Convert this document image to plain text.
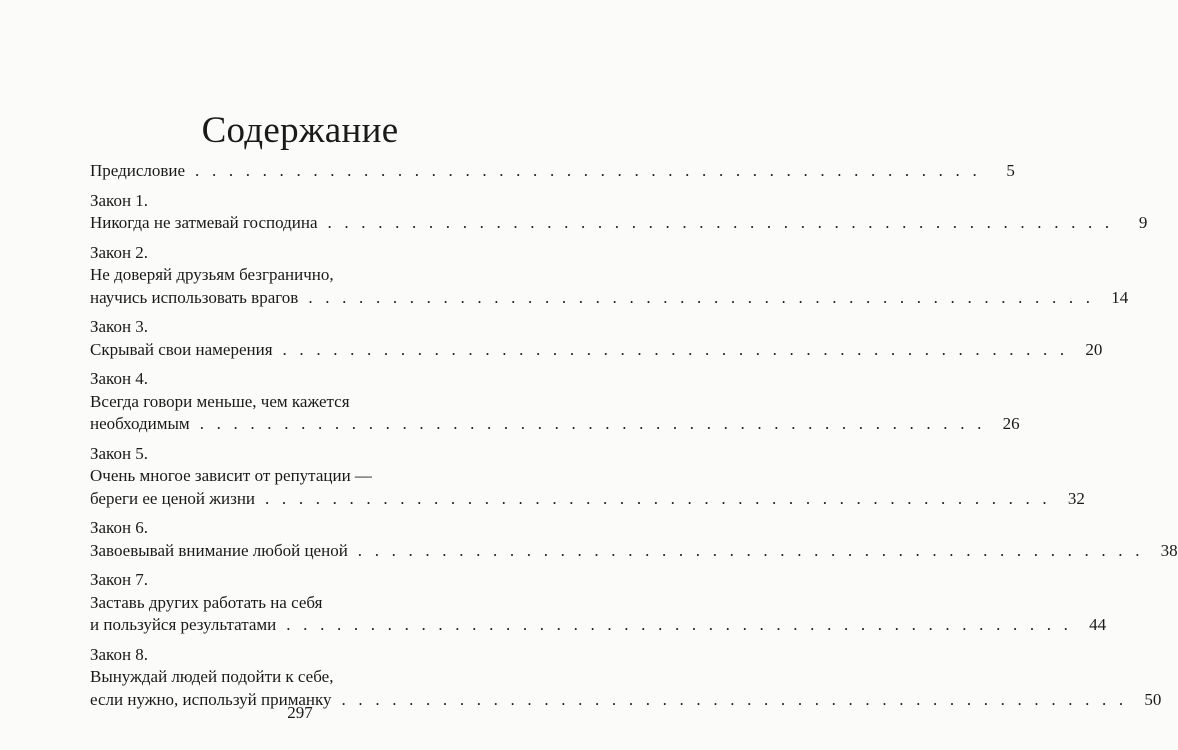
Содержание
Предисловие . . . . . . . . . . . . . . . . . . . . . . . . . . . . . . . . . . . . . . . . . . . . . . .	5
Закон 1.
Никогда не затмевай господина . . . . . . . . . . . . . . . . . . . . . . . . . . . . . . . . . . . . . . . . . . . . . . .	9
Закон 2.
Не доверяй друзьям безгранично,
научись использовать врагов . . . . . . . . . . . . . . . . . . . . . . . . . . . . . . . . . . . . . . . . . . . . . . .	14
Закон 3.
Скрывай свои намерения . . . . . . . . . . . . . . . . . . . . . . . . . . . . . . . . . . . . . . . . . . . . . . .	20
Закон 4.
Всегда говори меньше, чем кажется
необходимым . . . . . . . . . . . . . . . . . . . . . . . . . . . . . . . . . . . . . . . . . . . . . . .	26
Закон 5.
Очень многое зависит от репутации —
береги ее ценой жизни . . . . . . . . . . . . . . . . . . . . . . . . . . . . . . . . . . . . . . . . . . . . . . .	32
Закон 6.
Завоевывай внимание любой ценой . . . . . . . . . . . . . . . . . . . . . . . . . . . . . . . . . . . . . . . . . . . . . . .	38
Закон 7.
Заставь других работать на себя
и пользуйся результатами . . . . . . . . . . . . . . . . . . . . . . . . . . . . . . . . . . . . . . . . . . . . . . .	44
Закон 8.
Вынуждай людей подойти к себе,
если нужно, используй приманку . . . . . . . . . . . . . . . . . . . . . . . . . . . . . . . . . . . . . . . . . . . . . . .	50
297
